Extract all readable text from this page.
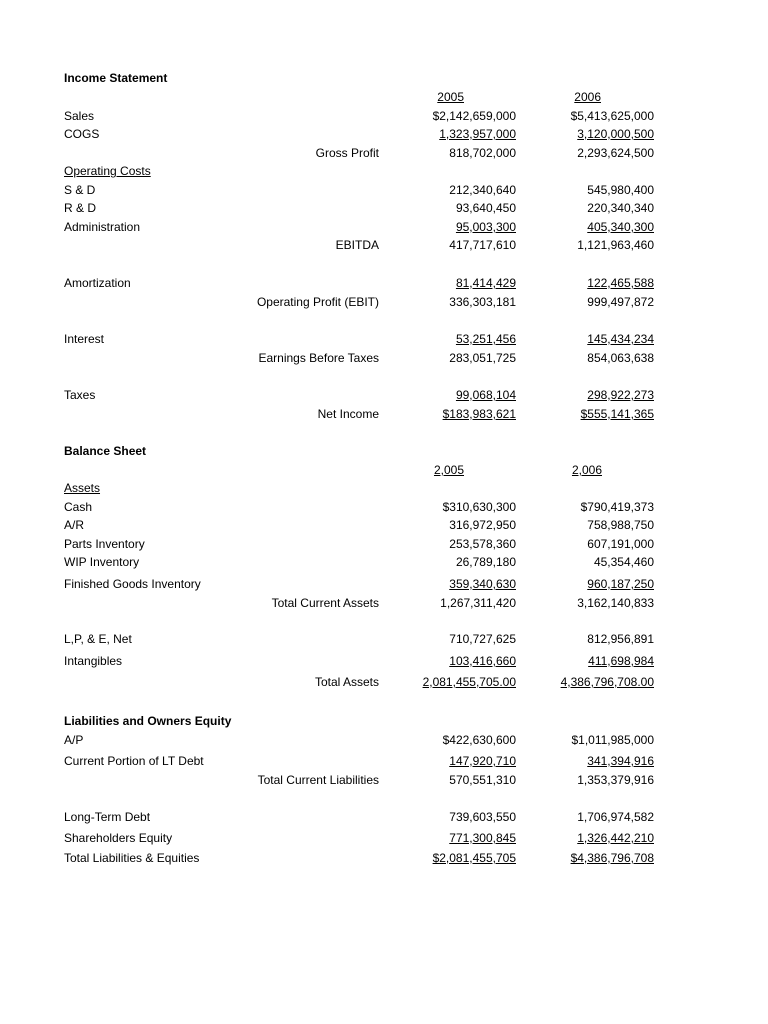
Income Statement
2005	2006
Sales	$2,142,659,000	$5,413,625,000
COGS	1,323,957,000	3,120,000,500
Gross Profit	818,702,000	2,293,624,500
Operating Costs
S & D	212,340,640	545,980,400
R & D	93,640,450	220,340,340
Administration	95,003,300	405,340,300
EBITDA	417,717,610	1,121,963,460
Amortization	81,414,429	122,465,588
Operating Profit (EBIT)	336,303,181	999,497,872
Interest	53,251,456	145,434,234
Earnings Before Taxes	283,051,725	854,063,638
Taxes	99,068,104	298,922,273
Net Income	$183,983,621	$555,141,365
Balance Sheet
2,005	2,006
Assets
Cash	$310,630,300	$790,419,373
A/R	316,972,950	758,988,750
Parts Inventory	253,578,360	607,191,000
WIP Inventory	26,789,180	45,354,460
Finished Goods Inventory	359,340,630	960,187,250
Total Current Assets	1,267,311,420	3,162,140,833
L,P, & E, Net	710,727,625	812,956,891
Intangibles	103,416,660	411,698,984
Total Assets	2,081,455,705.00	4,386,796,708.00
Liabilities and Owners Equity
A/P	$422,630,600	$1,011,985,000
Current Portion of LT Debt	147,920,710	341,394,916
Total Current Liabilities	570,551,310	1,353,379,916
Long-Term Debt	739,603,550	1,706,974,582
Shareholders Equity	771,300,845	1,326,442,210
Total Liabilities & Equities	$2,081,455,705	$4,386,796,708
